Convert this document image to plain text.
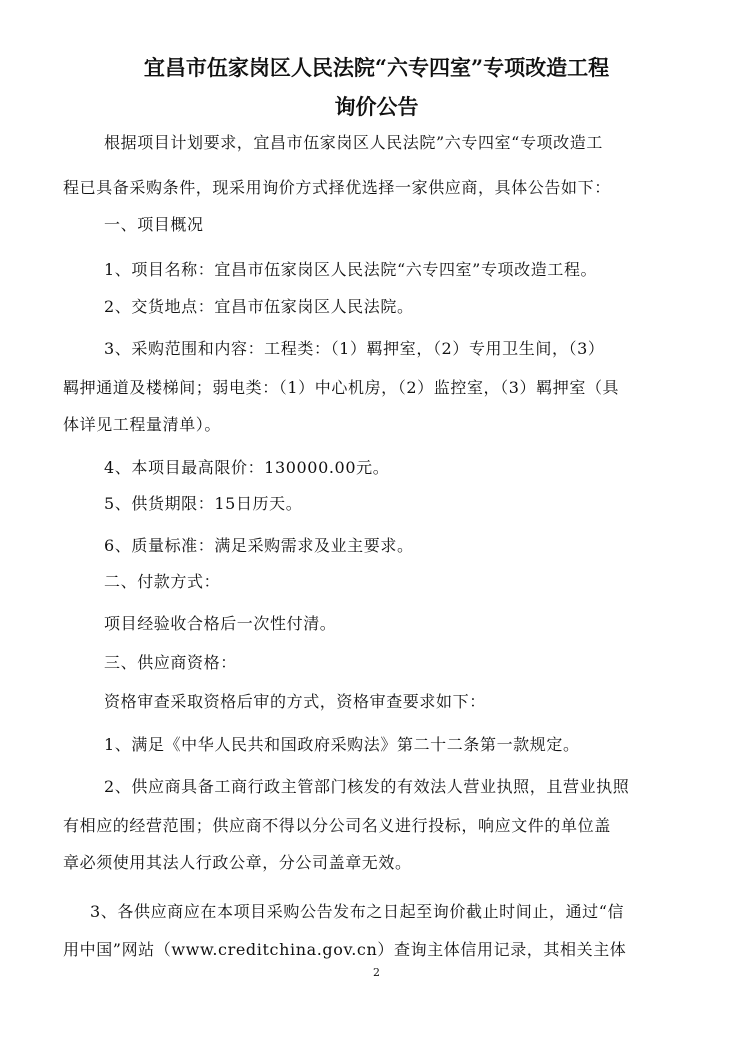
宜昌市伍家岗区人民法院“六专四室”专项改造工程
询价公告
根据项目计划要求，宜昌市伍家岗区人民法院”六专四室“专项改造工
程已具备采购条件，现采用询价方式择优选择一家供应商，具体公告如下：
一、项目概况
1、项目名称：宜昌市伍家岗区人民法院“六专四室”专项改造工程。
2、交货地点：宜昌市伍家岗区人民法院。
3、采购范围和内容：工程类：（1）羁押室，（2）专用卫生间，（3）
羁押通道及楼梯间；弱电类：（1）中心机房，（2）监控室，（3）羁押室（具
体详见工程量清单）。
4、本项目最高限价：130000.00元。
5、供货期限：15日历天。
6、质量标准：满足采购需求及业主要求。
二、付款方式：
项目经验收合格后一次性付清。
三、供应商资格：
资格审查采取资格后审的方式，资格审查要求如下：
1、满足《中华人民共和国政府采购法》第二十二条第一款规定。
2、供应商具备工商行政主管部门核发的有效法人营业执照，且营业执照
有相应的经营范围；供应商不得以分公司名义进行投标，响应文件的单位盖
章必须使用其法人行政公章，分公司盖章无效。
3、各供应商应在本项目采购公告发布之日起至询价截止时间止，通过“信
用中国”网站（www.creditchina.gov.cn）查询主体信用记录，其相关主体
2
